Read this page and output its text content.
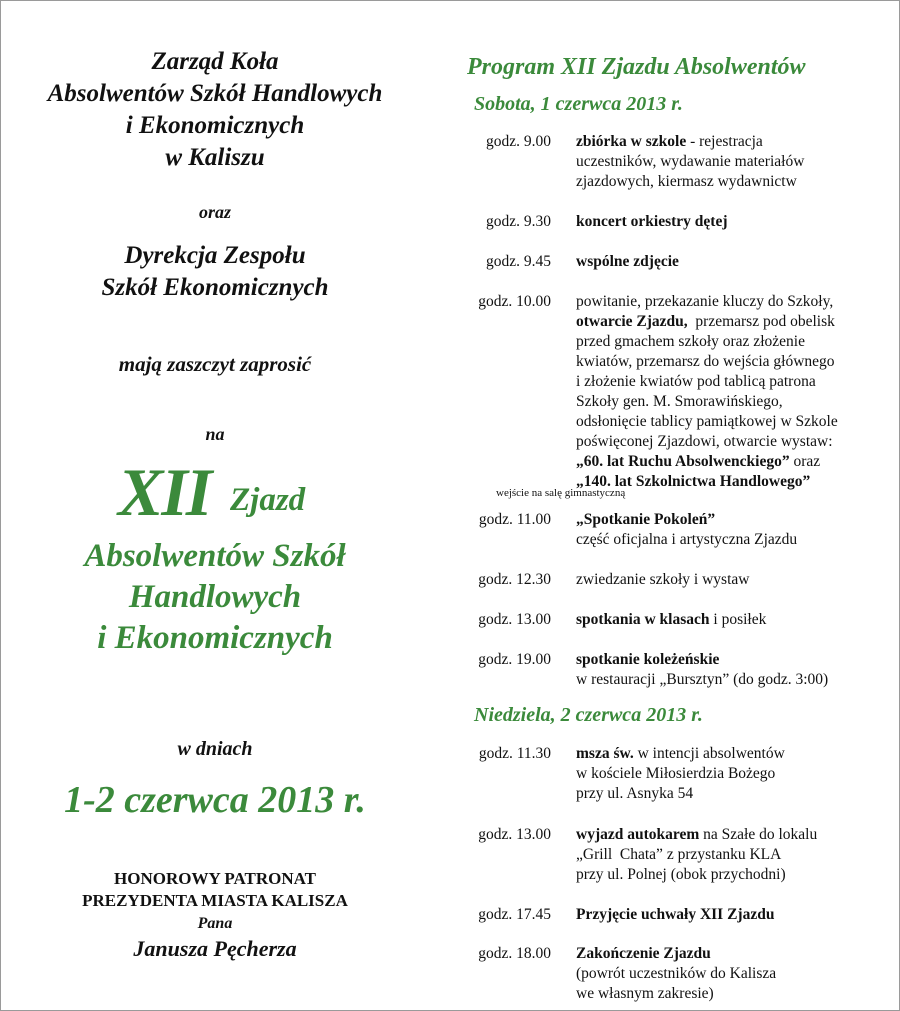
Zarząd Koła
Absolwentów Szkół Handlowych
i Ekonomicznych
w Kaliszu
oraz
Dyrekcja Zespołu
Szkół Ekonomicznych
mają zaszczyt zaprosić
na
XII Zjazd
Absolwentów Szkół
Handlowych
i Ekonomicznych
w dniach
1-2 czerwca 2013 r.
HONOROWY PATRONAT
PREZYDENTA MIASTA KALISZA
Pana
Janusza Pęcherza
Program XII Zjazdu Absolwentów
Sobota, 1 czerwca 2013 r.
Niedziela, 2 czerwca 2013 r.
wejście na salę gimnastyczną
godz. 9.00 zbiórka w szkole - rejestracja
uczestników, wydawanie materiałów
zjazdowych, kiermasz wydawnictw
godz. 9.30 koncert orkiestry dętej
godz. 9.45 wspólne zdjęcie
godz. 10.00 powitanie, przekazanie kluczy do Szkoły,
otwarcie Zjazdu,  przemarsz pod obelisk
przed gmachem szkoły oraz złożenie
kwiatów, przemarsz do wejścia głównego
i złożenie kwiatów pod tablicą patrona
Szkoły gen. M. Smorawińskiego,
odsłonięcie tablicy pamiątkowej w Szkole
poświęconej Zjazdowi, otwarcie wystaw:
„60. lat Ruchu Absolwenckiego” oraz
„140. lat Szkolnictwa Handlowego”
godz. 11.00 „Spotkanie Pokoleń”
część oficjalna i artystyczna Zjazdu
godz. 12.30 zwiedzanie szkoły i wystaw
godz. 13.00 spotkania w klasach i posiłek
godz. 19.00 spotkanie koleżeńskie
w restauracji „Bursztyn” (do godz. 3:00)
godz. 11.30 msza św. w intencji absolwentów
w kościele Miłosierdzia Bożego
przy ul. Asnyka 54
godz. 13.00 wyjazd autokarem na Szałe do lokalu
„Grill  Chata” z przystanku KLA
przy ul. Polnej (obok przychodni)
godz. 17.45 Przyjęcie uchwały XII Zjazdu
godz. 18.00 Zakończenie Zjazdu
(powrót uczestników do Kalisza
we własnym zakresie)
